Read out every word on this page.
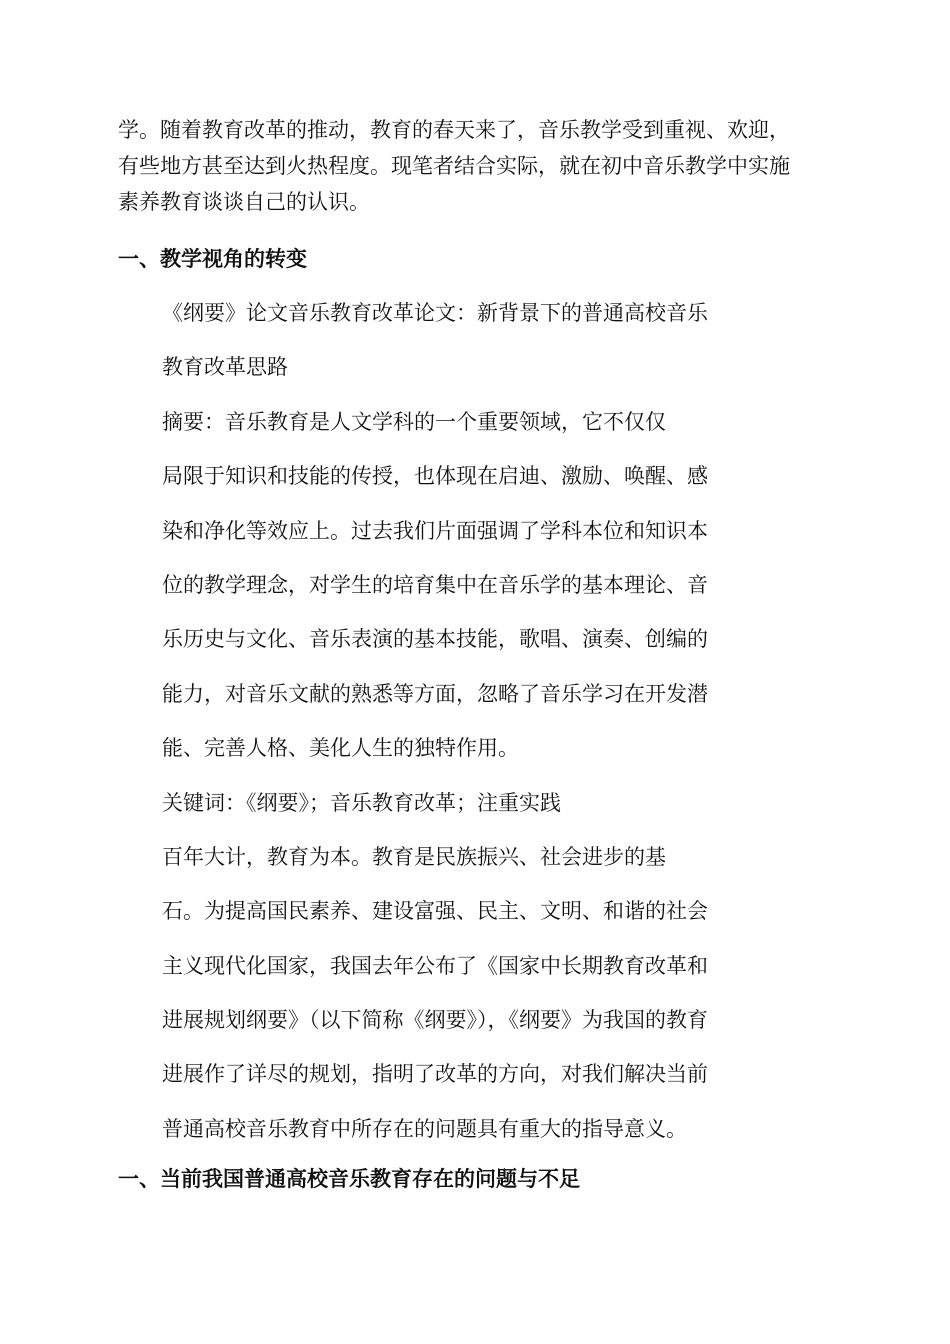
学。随着教育改革的推动，教育的春天来了，音乐教学受到重视、欢迎，
有些地方甚至达到火热程度。现笔者结合实际，就在初中音乐教学中实施
素养教育谈谈自己的认识。
一、教学视角的转变
《纲要》论文音乐教育改革论文：新背景下的普通高校音乐
教育改革思路
摘要：音乐教育是人文学科的一个重要领域，它不仅仅
局限于知识和技能的传授，也体现在启迪、激励、唤醒、感
染和净化等效应上。过去我们片面强调了学科本位和知识本
位的教学理念，对学生的培育集中在音乐学的基本理论、音
乐历史与文化、音乐表演的基本技能，歌唱、演奏、创编的
能力，对音乐文献的熟悉等方面，忽略了音乐学习在开发潜
能、完善人格、美化人生的独特作用。
关键词：《纲要》；音乐教育改革；注重实践
百年大计，教育为本。教育是民族振兴、社会进步的基
石。为提高国民素养、建设富强、民主、文明、和谐的社会
主义现代化国家，我国去年公布了《国家中长期教育改革和
进展规划纲要》（以下简称《纲要》），《纲要》为我国的教育
进展作了详尽的规划，指明了改革的方向，对我们解决当前
普通高校音乐教育中所存在的问题具有重大的指导意义。
一、当前我国普通高校音乐教育存在的问题与不足
